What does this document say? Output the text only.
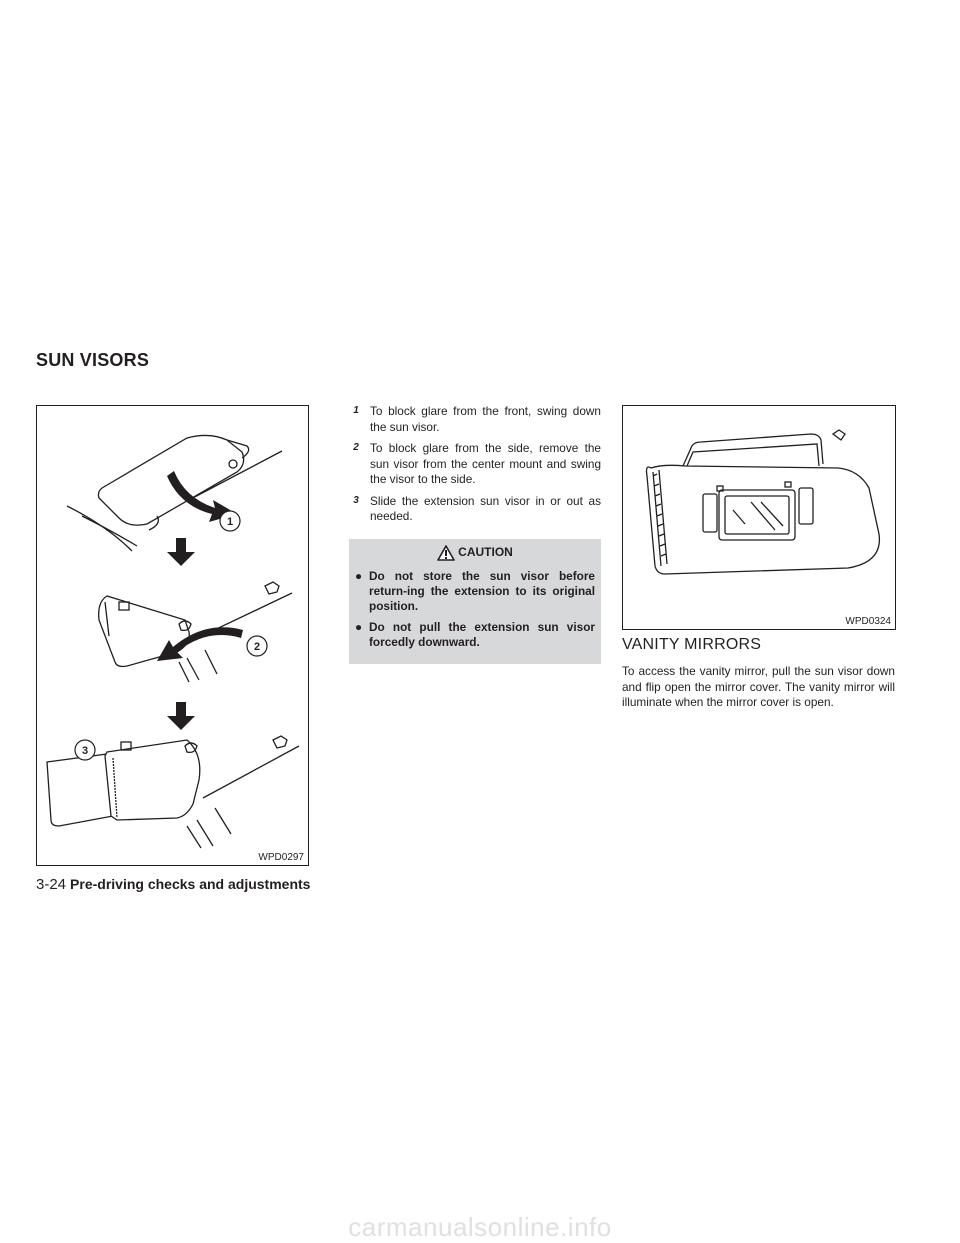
SUN VISORS
1
2
3
WPD0297
1 To block glare from the front, swing down the sun visor.
2 To block glare from the side, remove the sun visor from the center mount and swing the visor to the side.
3 Slide the extension sun visor in or out as needed.
CAUTION
● Do not store the sun visor before return-ing the extension to its original position.
● Do not pull the extension sun visor forcedly downward.
WPD0324
VANITY MIRRORS

To access the vanity mirror, pull the sun visor down and flip open the mirror cover. The vanity mirror will illuminate when the mirror cover is open.

3-24 Pre-driving checks and adjustments
carmanualsonline.info
